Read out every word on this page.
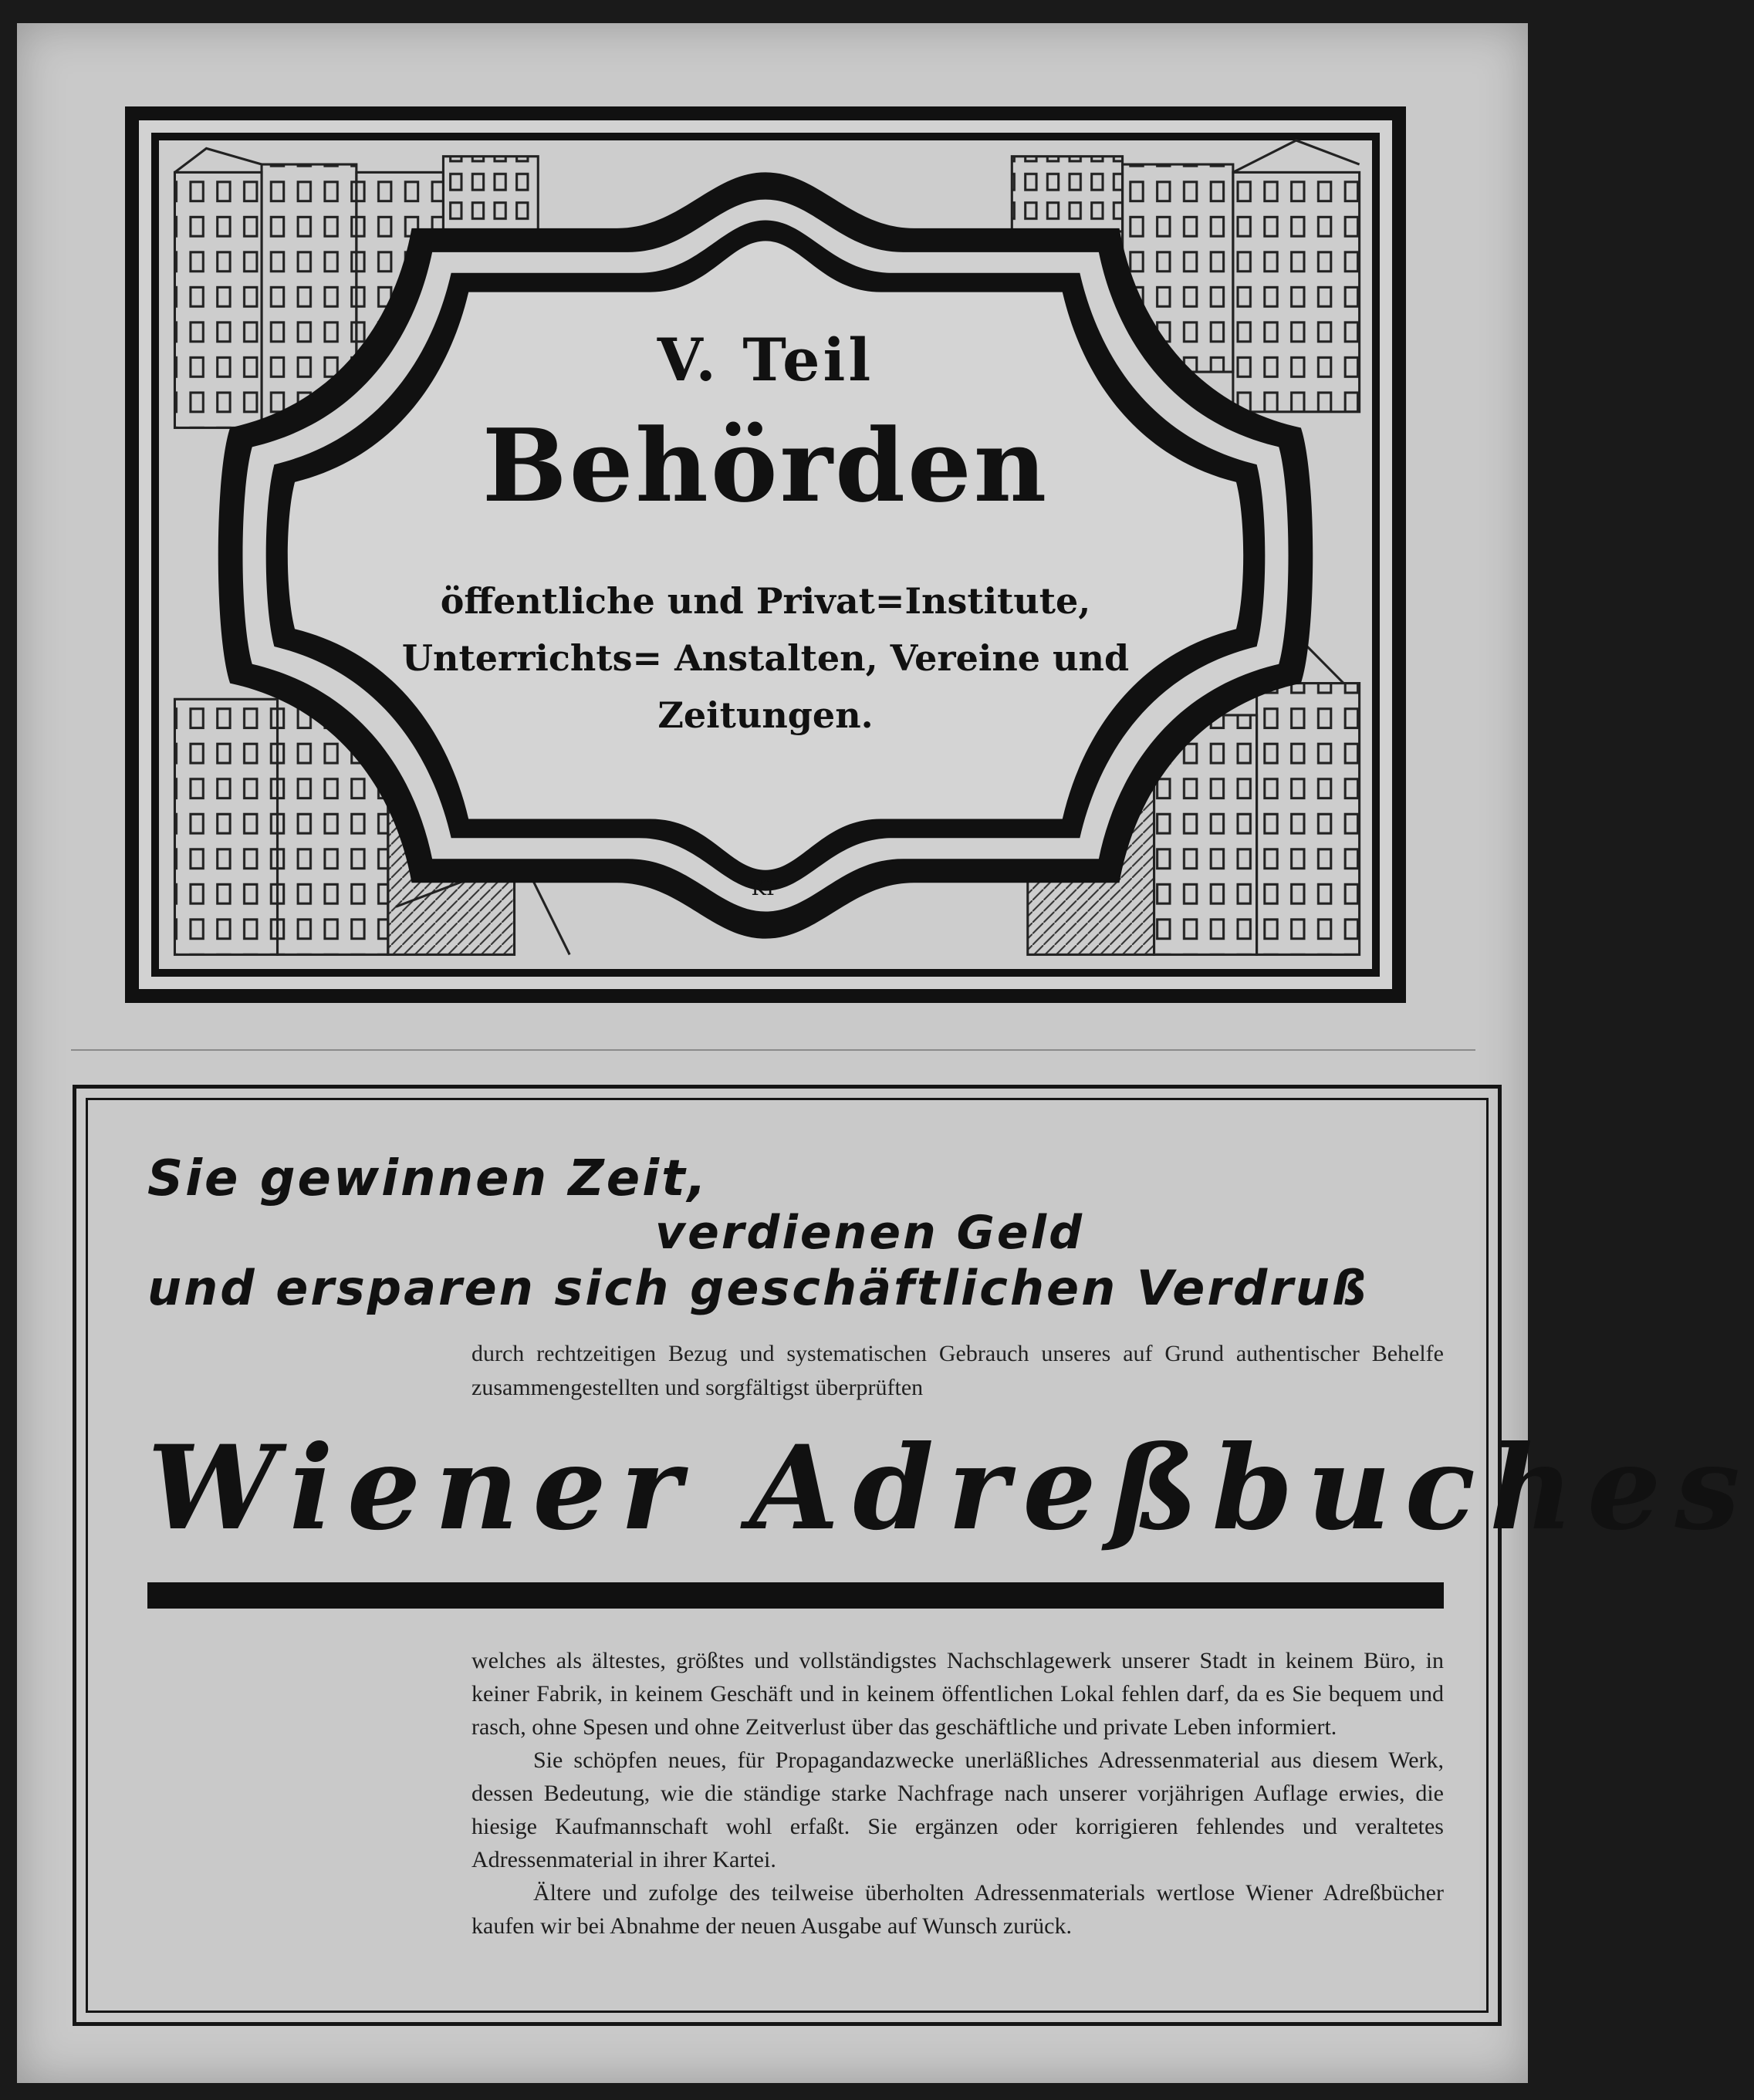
V. Teil
Behörden
öffentliche und Privat=Institute, Unterrichts= Anstalten, Vereine und Zeitungen.
KP
Sie gewinnen Zeit,
verdienen Geld
und ersparen sich geschäftlichen Verdruß
durch rechtzeitigen Bezug und systematischen Gebrauch unseres auf Grund authentischer Behelfe zusammengestellten und sorgfältigst überprüften
Wiener Adreßbuches

welches als ältestes, größtes und vollständigstes Nachschlagewerk unserer Stadt in keinem Büro, in keiner Fabrik, in keinem Geschäft und in keinem öffentlichen Lokal fehlen darf, da es Sie bequem und rasch, ohne Spesen und ohne Zeitverlust über das geschäftliche und private Leben informiert.

Sie schöpfen neues, für Propagandazwecke unerläßliches Adressenmaterial aus diesem Werk, dessen Bedeutung, wie die ständige starke Nachfrage nach unserer vorjährigen Auflage erwies, die hiesige Kaufmannschaft wohl erfaßt. Sie ergänzen oder korrigieren fehlendes und veraltetes Adressenmaterial in ihrer Kartei.

Ältere und zufolge des teilweise überholten Adressenmaterials wertlose Wiener Adreßbücher kaufen wir bei Abnahme der neuen Ausgabe auf Wunsch zurück.
